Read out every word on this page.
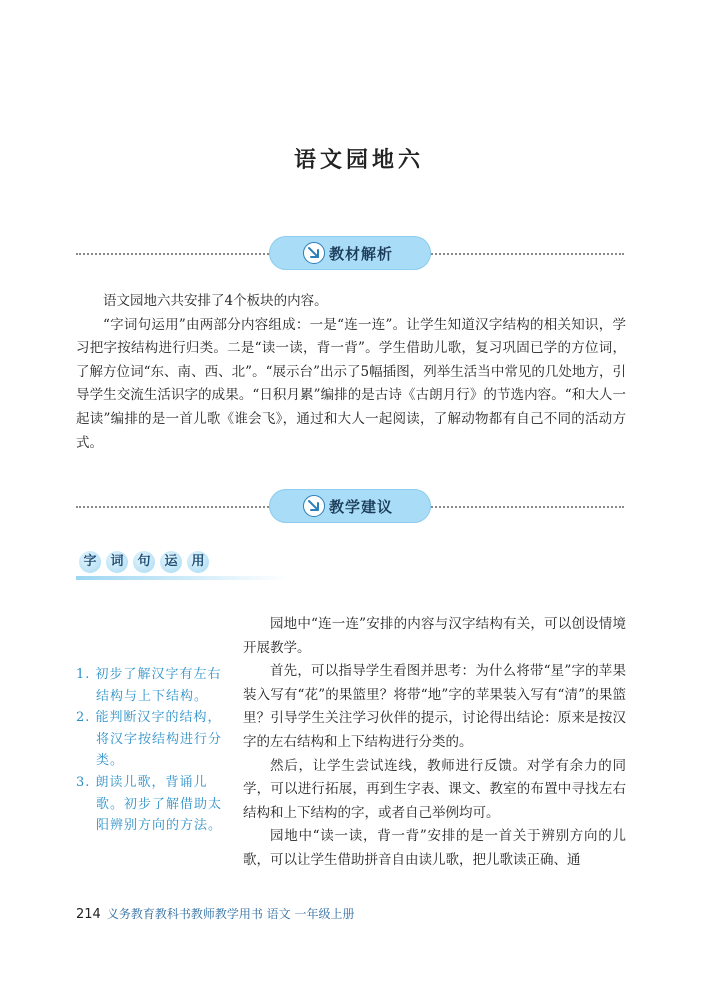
语文园地六
教材解析

语文园地六共安排了4个板块的内容。

“字词句运用”由两部分内容组成：一是“连一连”。让学生知道汉字结构的相关知识，学习把字按结构进行归类。二是“读一读，背一背”。学生借助儿歌，复习巩固已学的方位词，了解方位词“东、南、西、北”。“展示台”出示了5幅插图，列举生活当中常见的几处地方，引导学生交流生活识字的成果。“日积月累”编排的是古诗《古朗月行》的节选内容。“和大人一起读”编排的是一首儿歌《谁会飞》，通过和大人一起阅读，了解动物都有自己不同的活动方式。

教学建议
字 词 句 运 用
1. 初步了解汉字有左右结构与上下结构。
2. 能判断汉字的结构，将汉字按结构进行分类。
3. 朗读儿歌，背诵儿歌。初步了解借助太阳辨别方向的方法。

园地中“连一连”安排的内容与汉字结构有关，可以创设情境开展教学。

首先，可以指导学生看图并思考：为什么将带“星”字的苹果装入写有“花”的果篮里？将带“地”字的苹果装入写有“清”的果篮里？引导学生关注学习伙伴的提示，讨论得出结论：原来是按汉字的左右结构和上下结构进行分类的。

然后，让学生尝试连线，教师进行反馈。对学有余力的同学，可以进行拓展，再到生字表、课文、教室的布置中寻找左右结构和上下结构的字，或者自己举例均可。

园地中“读一读，背一背”安排的是一首关于辨别方向的儿歌，可以让学生借助拼音自由读儿歌，把儿歌读正确、通

214 义务教育教科书教师教学用书 语文 一年级上册
